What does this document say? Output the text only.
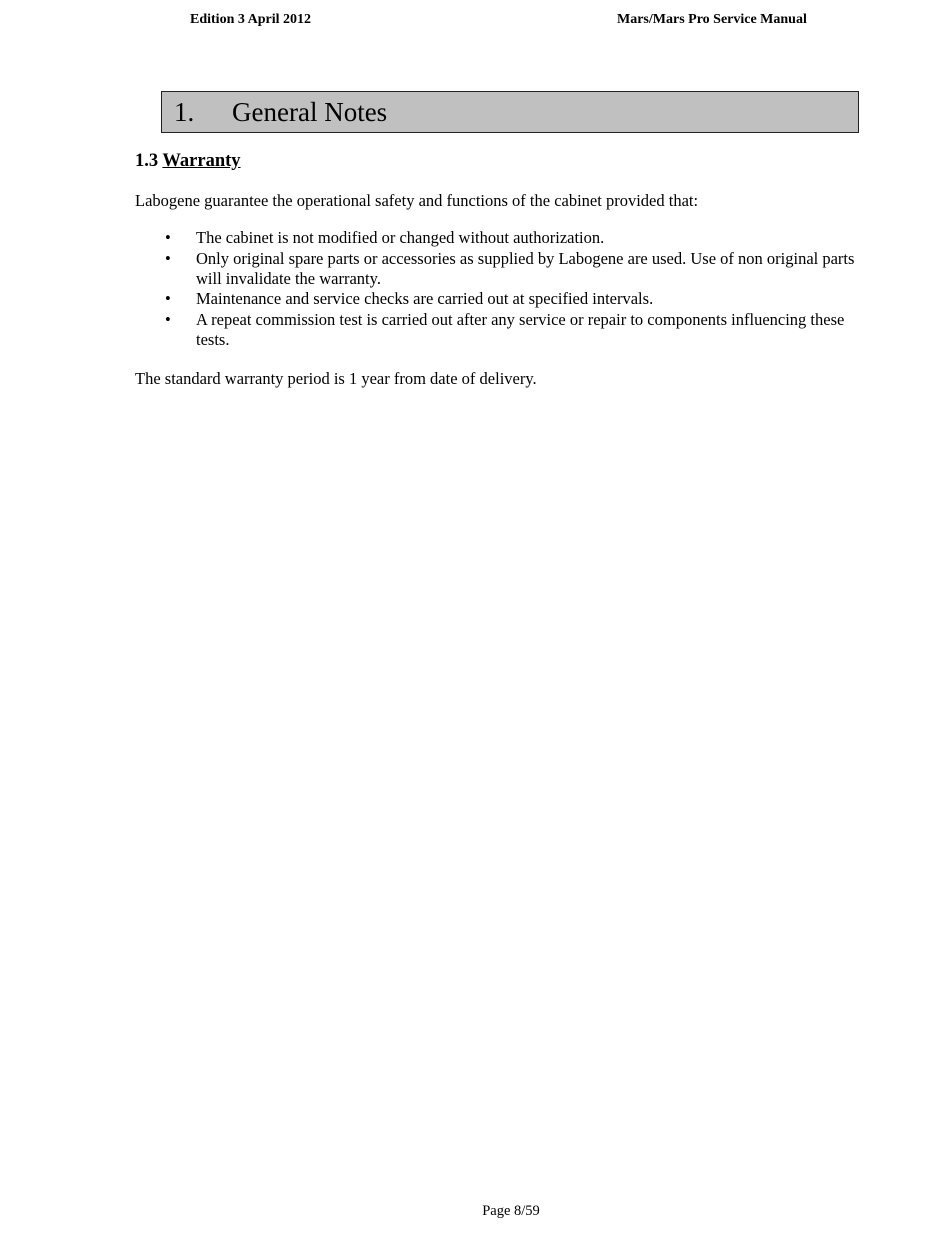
Edition 3 April 2012	Mars/Mars Pro Service Manual
1. General Notes
1.3 Warranty
Labogene guarantee the operational safety and functions of the cabinet provided that:
• The cabinet is not modified or changed without authorization.
• Only original spare parts or accessories as supplied by Labogene are used. Use of non original parts will invalidate the warranty.
• Maintenance and service checks are carried out at specified intervals.
• A repeat commission test is carried out after any service or repair to components influencing these tests.
The standard warranty period is 1 year from date of delivery.
Page 8/59
